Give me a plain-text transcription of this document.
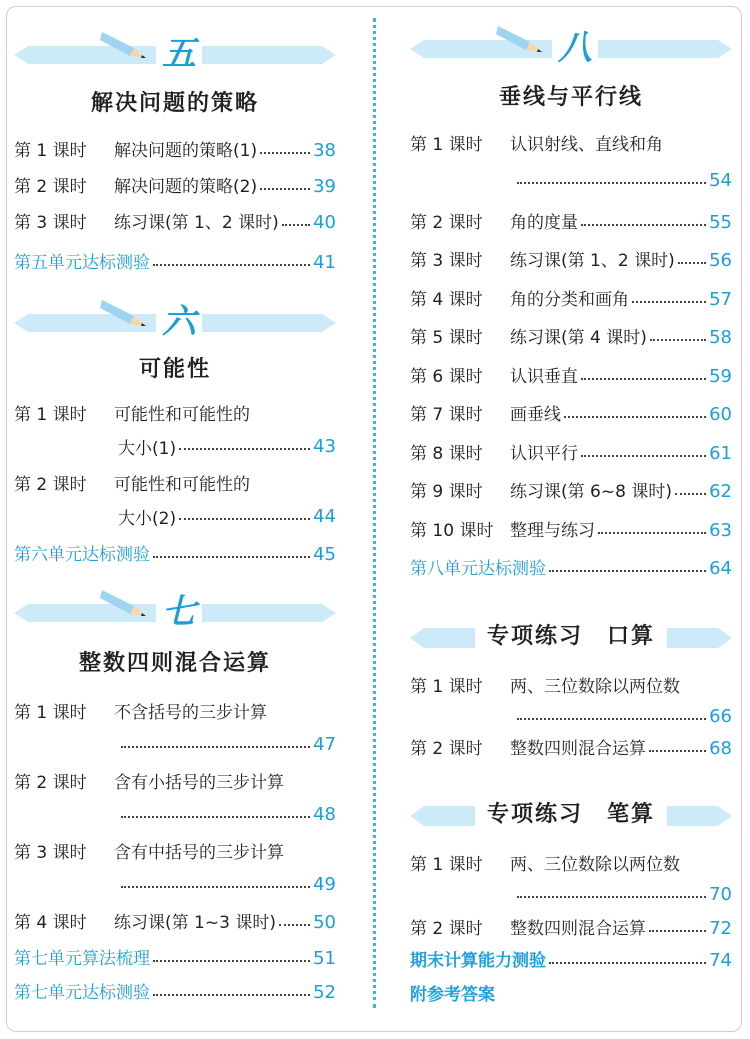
五
解决问题的策略
第 1 课时	解决问题的策略(1)	38
第 2 课时	解决问题的策略(2)	39
第 3 课时	练习课(第 1、2 课时) 40
第五单元达标测验	41
六
可能性
第 1 课时	可能性和可能性的
大小(1)	43
第 2 课时	可能性和可能性的
大小(2)	44
第六单元达标测验	45
七
整数四则混合运算
第 1 课时	不含括号的三步计算
47
第 2 课时	含有小括号的三步计算
48
第 3 课时	含有中括号的三步计算
49
第 4 课时	练习课(第 1~3 课时) 50
第七单元算法梳理	51
第七单元达标测验	52
八
垂线与平行线
第 1 课时	认识射线、直线和角
54
第 2 课时	角的度量	55
第 3 课时	练习课(第 1、2 课时) 56
第 4 课时	角的分类和画角	57
第 5 课时	练习课(第 4 课时)	58
第 6 课时	认识垂直	59
第 7 课时	画垂线	60
第 8 课时	认识平行	61
第 9 课时	练习课(第 6~8 课时) 62
第 10 课时 整理与练习	63
第八单元达标测验	64
专项练习　口算
第 1 课时	两、三位数除以两位数
66
第 2 课时	整数四则混合运算	68
专项练习　笔算
第 1 课时	两、三位数除以两位数
70
第 2 课时	整数四则混合运算	72
期末计算能力测验	74
附参考答案
